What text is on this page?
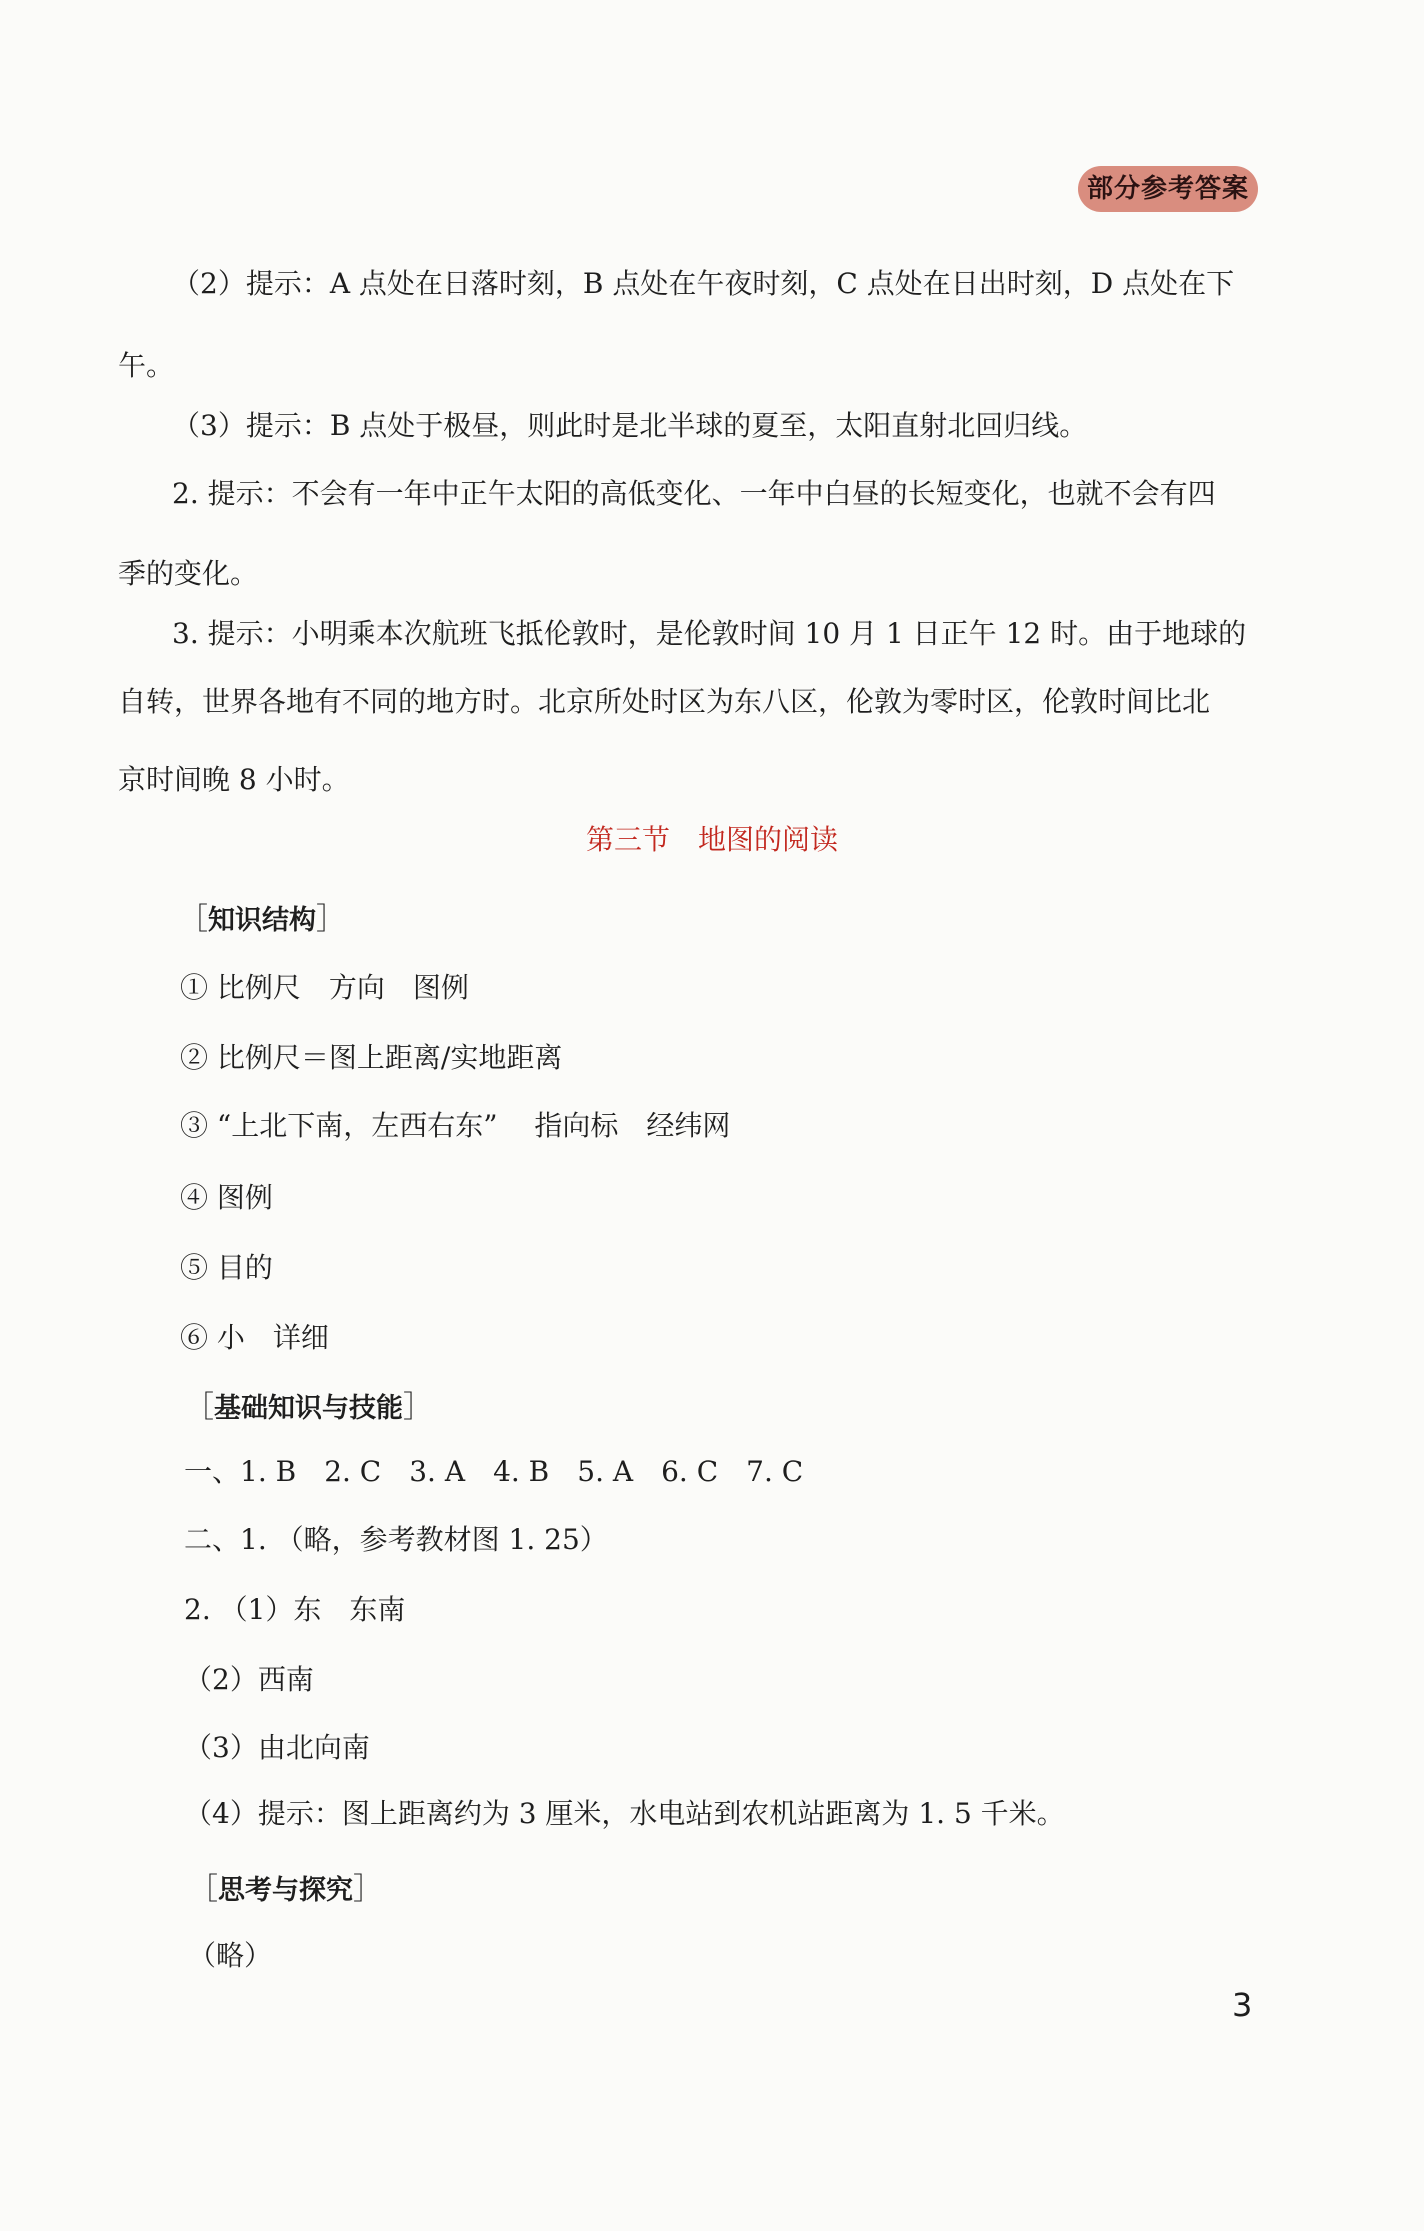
部分参考答案
（2）提示：A 点处在日落时刻，B 点处在午夜时刻，C 点处在日出时刻，D 点处在下
午。
（3）提示：B 点处于极昼，则此时是北半球的夏至，太阳直射北回归线。
2. 提示：不会有一年中正午太阳的高低变化、一年中白昼的长短变化，也就不会有四
季的变化。
3. 提示：小明乘本次航班飞抵伦敦时，是伦敦时间 10 月 1 日正午 12 时。由于地球的
自转，世界各地有不同的地方时。北京所处时区为东八区，伦敦为零时区，伦敦时间比北
京时间晚 8 小时。
第三节　地图的阅读
［知识结构］
① 比例尺　方向　图例
② 比例尺＝图上距离/实地距离
③ “上北下南，左西右东”　 指向标　经纬网
④ 图例
⑤ 目的
⑥ 小　详细
［基础知识与技能］
一、1. B　2. C　3. A　4. B　5. A　6. C　7. C
二、1. （略，参考教材图 1. 25）
2. （1）东　东南
（2）西南
（3）由北向南
（4）提示：图上距离约为 3 厘米，水电站到农机站距离为 1. 5 千米。
［思考与探究］
（略）
3
